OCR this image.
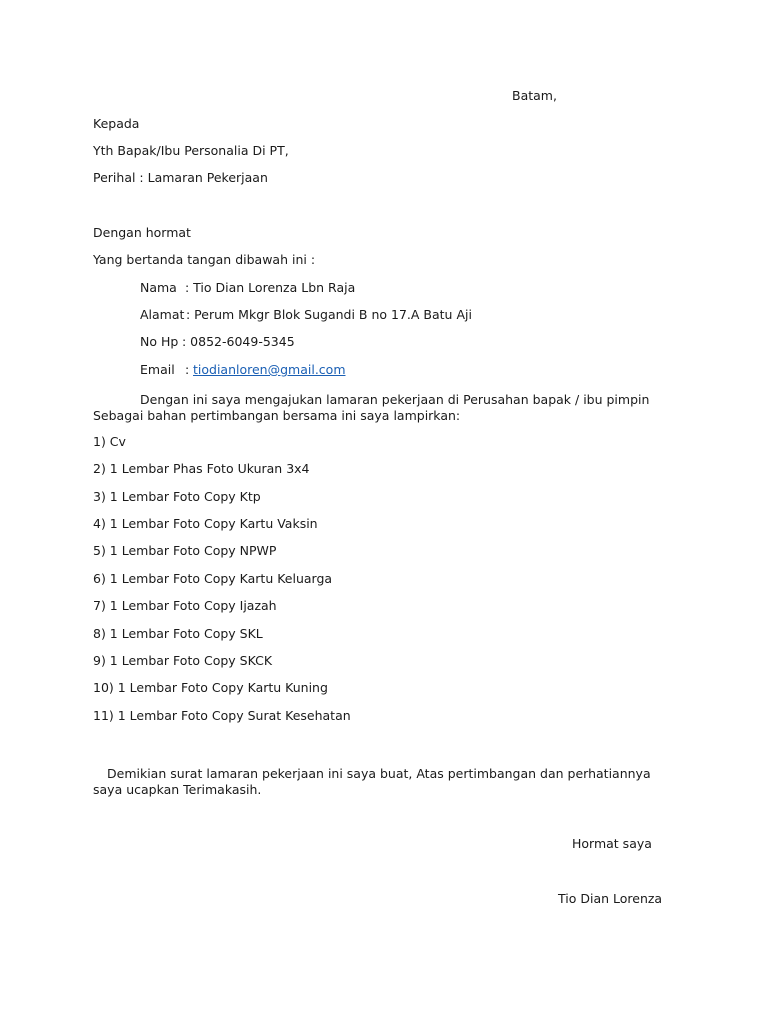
Batam,
Kepada
Yth Bapak/Ibu Personalia Di PT,
Perihal : Lamaran Pekerjaan
Dengan hormat
Yang bertanda tangan dibawah ini :
Nama : Tio Dian Lorenza Lbn Raja
Alamat : Perum Mkgr Blok Sugandi B no 17.A Batu Aji
No Hp : 0852-6049-5345
Email : tiodianloren@gmail.com
Dengan ini saya mengajukan lamaran pekerjaan di Perusahan bapak / ibu pimpin
Sebagai bahan pertimbangan bersama ini saya lampirkan:
1) Cv
2) 1 Lembar Phas Foto Ukuran 3x4
3) 1 Lembar Foto Copy Ktp
4) 1 Lembar Foto Copy Kartu Vaksin
5) 1 Lembar Foto Copy NPWP
6) 1 Lembar Foto Copy Kartu Keluarga
7) 1 Lembar Foto Copy Ijazah
8) 1 Lembar Foto Copy SKL
9) 1 Lembar Foto Copy SKCK
10) 1 Lembar Foto Copy Kartu Kuning
11) 1 Lembar Foto Copy Surat Kesehatan
Demikian surat lamaran pekerjaan ini saya buat, Atas pertimbangan dan perhatiannya
saya ucapkan Terimakasih.
Hormat saya
Tio Dian Lorenza
